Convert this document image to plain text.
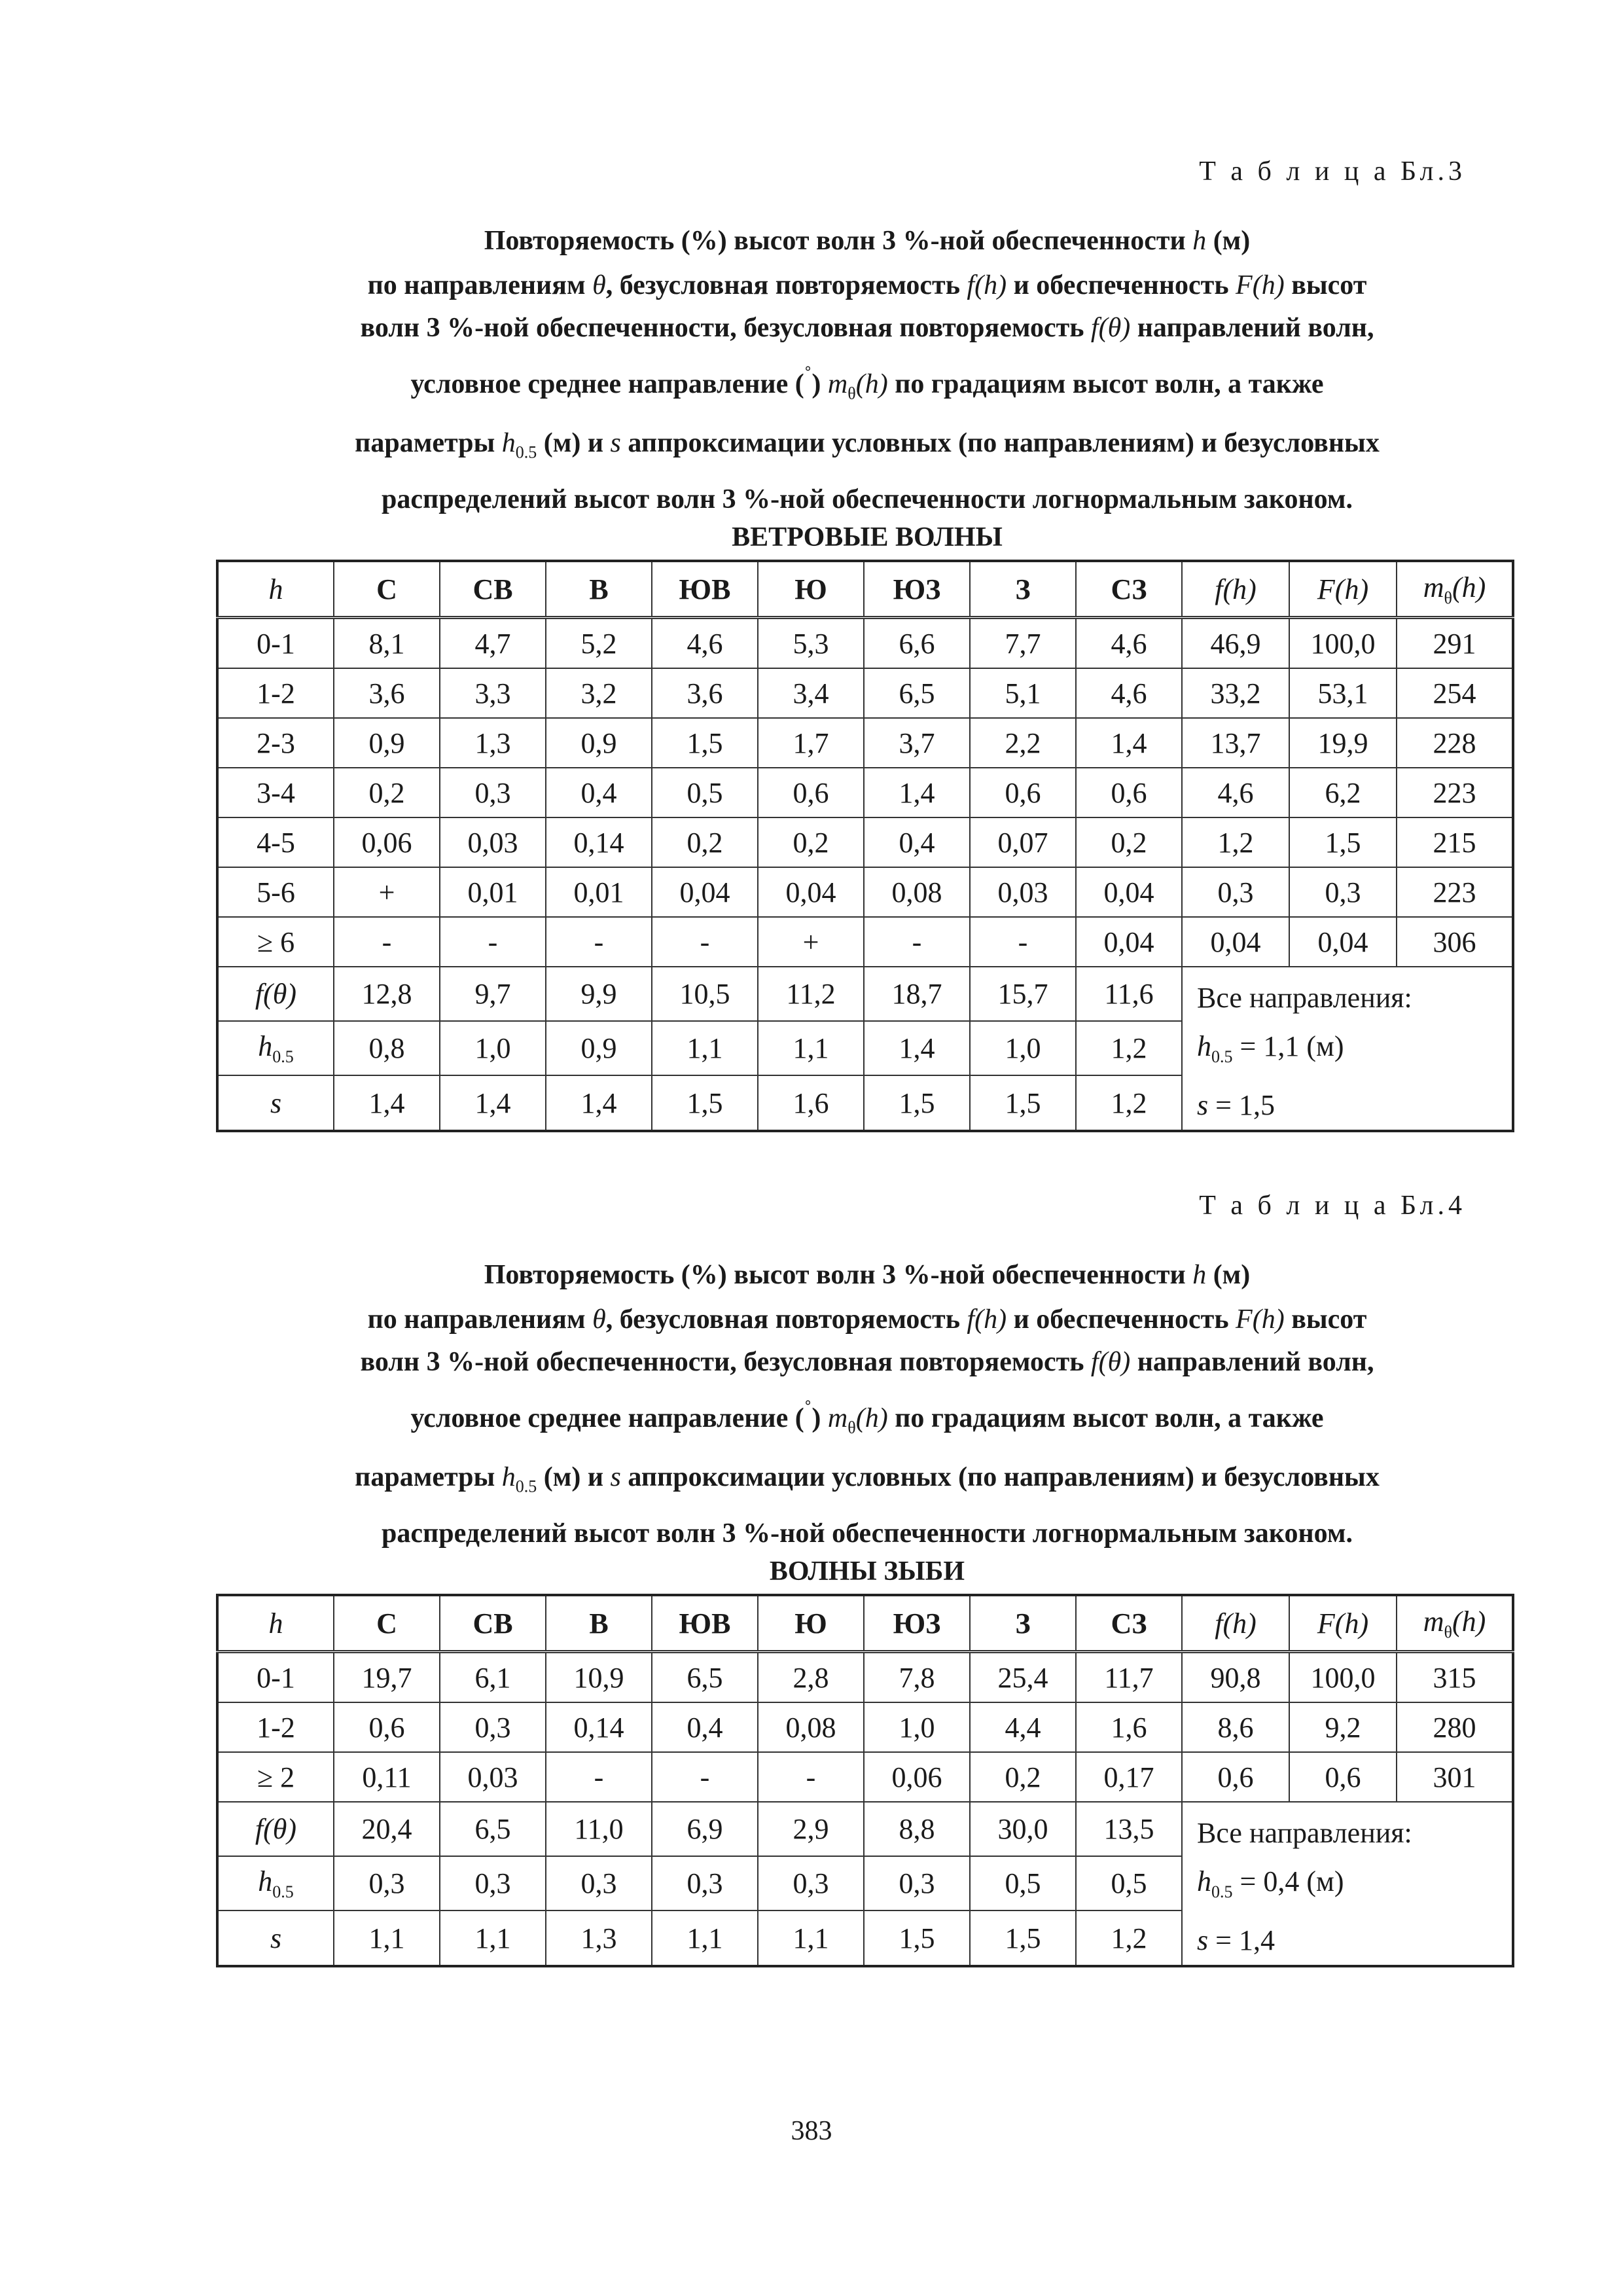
Т а б л и ц а Бл.3
Повторяемость (%) высот волн 3 %-ной обеспеченности h (м)
по направлениям θ, безусловная повторяемость f(h) и обеспеченность F(h) высот
волн 3 %-ной обеспеченности, безусловная повторяемость f(θ) направлений волн,
условное среднее направление (˚) $m_\theta(h)$ по градациям высот волн, а также
параметры $h_{0.5}$ (м) и s аппроксимации условных (по направлениям) и безусловных
распределений высот волн 3 %-ной обеспеченности логнормальным законом.
ВЕТРОВЫЕ ВОЛНЫ
h	С	СВ	В	ЮВ	Ю	ЮЗ	З	СЗ	f(h)	F(h)	$m_\theta(h)$
0-1	8,1	4,7	5,2	4,6	5,3	6,6	7,7	4,6	46,9	100,0	291
1-2	3,6	3,3	3,2	3,6	3,4	6,5	5,1	4,6	33,2	53,1	254
2-3	0,9	1,3	0,9	1,5	1,7	3,7	2,2	1,4	13,7	19,9	228
3-4	0,2	0,3	0,4	0,5	0,6	1,4	0,6	0,6	4,6	6,2	223
4-5	0,06	0,03	0,14	0,2	0,2	0,4	0,07	0,2	1,2	1,5	215
5-6	+	0,01	0,01	0,04	0,04	0,08	0,03	0,04	0,3	0,3	223
≥ 6	-	-	-	-	+	-	-	0,04	0,04	0,04	306
f(θ)	12,8	9,7	9,9	10,5	11,2	18,7	15,7	11,6	Все направления:
$h_{0.5} = 1,1$ (м)
s = 1,5		

$h_{0.5}$	0,8	1,0	0,9	1,1	1,1	1,4	1,0	1,2			
s	1,4	1,4	1,4	1,5	1,6	1,5	1,5	1,2			
Т а б л и ц а Бл.4
Повторяемость (%) высот волн 3 %-ной обеспеченности h (м)
по направлениям θ, безусловная повторяемость f(h) и обеспеченность F(h) высот
волн 3 %-ной обеспеченности, безусловная повторяемость f(θ) направлений волн,
условное среднее направление (˚) $m_\theta(h)$ по градациям высот волн, а также
параметры $h_{0.5}$ (м) и s аппроксимации условных (по направлениям) и безусловных
распределений высот волн 3 %-ной обеспеченности логнормальным законом.
ВОЛНЫ ЗЫБИ
h	С	СВ	В	ЮВ	Ю	ЮЗ	З	СЗ	f(h)	F(h)	$m_\theta(h)$
0-1	19,7	6,1	10,9	6,5	2,8	7,8	25,4	11,7	90,8	100,0	315
1-2	0,6	0,3	0,14	0,4	0,08	1,0	4,4	1,6	8,6	9,2	280
≥ 2	0,11	0,03	-	-	-	0,06	0,2	0,17	0,6	0,6	301
f(θ)	20,4	6,5	11,0	6,9	2,9	8,8	30,0	13,5	Все направления:
$h_{0.5} = 0,4$ (м)
s = 1,4		

$h_{0.5}$	0,3	0,3	0,3	0,3	0,3	0,3	0,5	0,5			
s	1,1	1,1	1,3	1,1	1,1	1,5	1,5	1,2			
383
